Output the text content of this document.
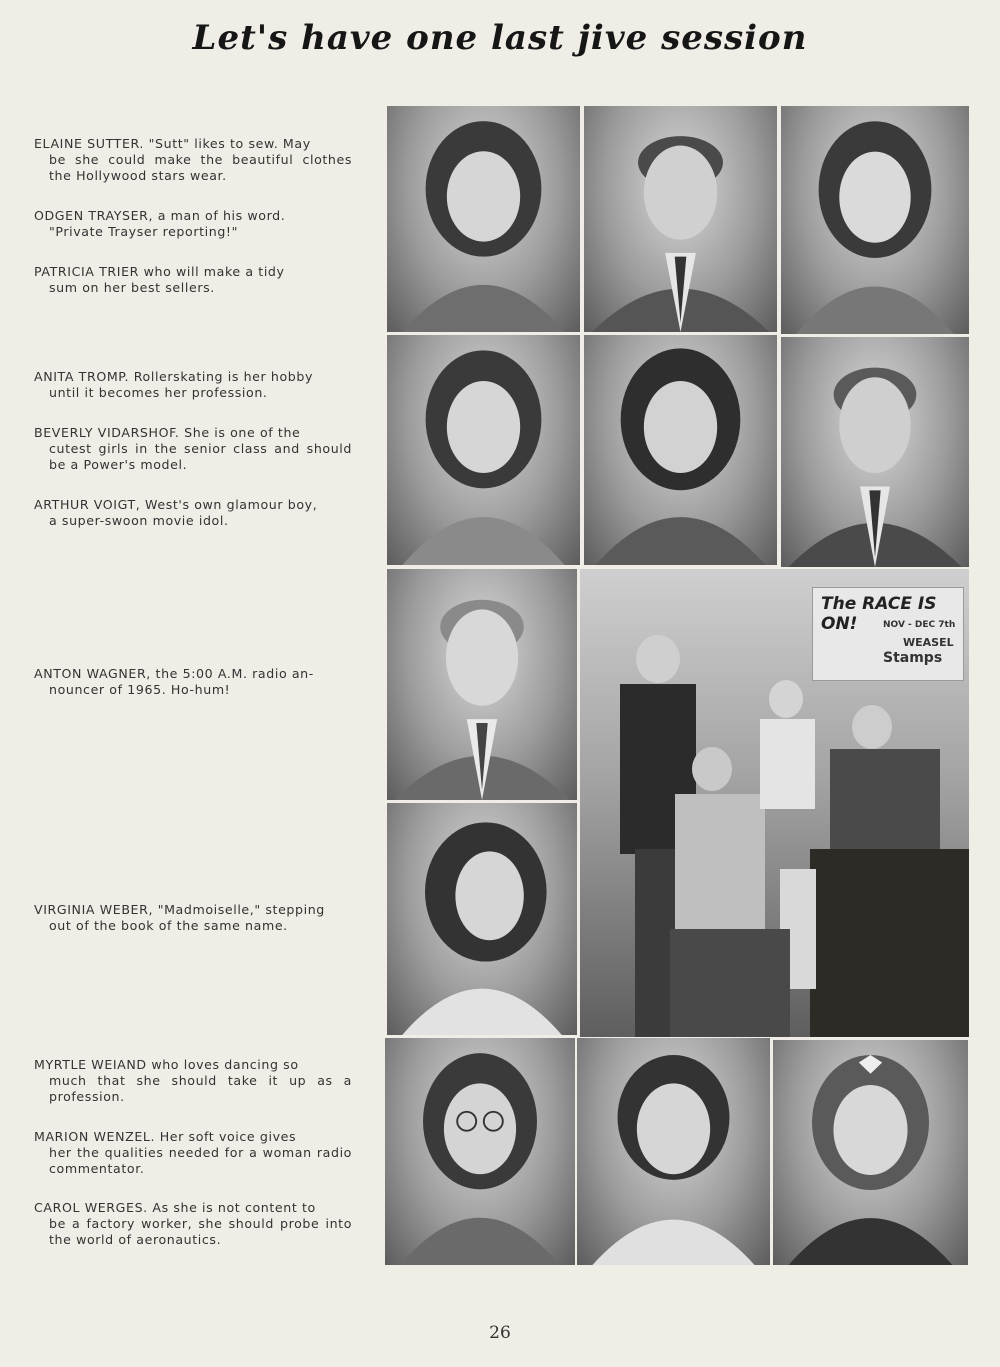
Let's have one last jive session
ELAINE SUTTER. "Sutt" likes to sew. May
be she could make the beautiful clothes the Hollywood stars wear.
ODGEN TRAYSER, a man of his word.
"Private Trayser reporting!"
PATRICIA TRIER who will make a tidy
sum on her best sellers.
ANITA TROMP. Rollerskating is her hobby
until it becomes her profession.
BEVERLY VIDARSHOF. She is one of the
cutest girls in the senior class and should be a Power's model.
ARTHUR VOIGT, West's own glamour boy,
a super-swoon movie idol.
ANTON WAGNER, the 5:00 A.M. radio an-
nouncer of 1965. Ho-hum!
VIRGINIA WEBER, "Madmoiselle," stepping
out of the book of the same name.
MYRTLE WEIAND who loves dancing so
much that she should take it up as a profession.
MARION WENZEL. Her soft voice gives
her the qualities needed for a woman radio commentator.
CAROL WERGES. As she is not content to
be a factory worker, she should probe into the world of aeronautics.
The RACE IS ON!	NOV - DEC 7th
WEASEL
Stamps
26
